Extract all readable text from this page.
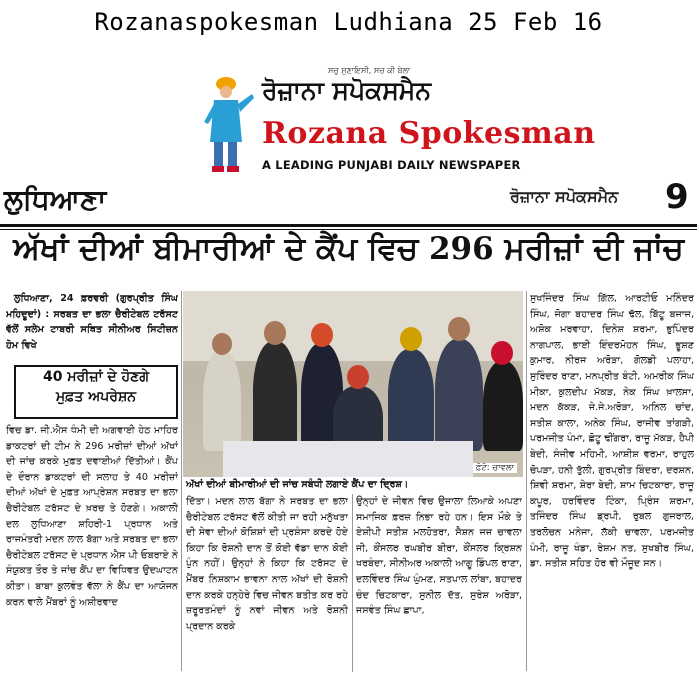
Rozanaspokesman Ludhiana 25 Feb 16
ਸਚੁ ਸੁਣਾਇਸੀ, ਸਚ ਕੀ ਬੇਲਾ
ਰੋਜ਼ਾਨਾ ਸਪੋਕਸਮੈਨ
Rozana Spokesman
A LEADING PUNJABI DAILY NEWSPAPER
ਲੁਧਿਆਣਾ	ਰੋਜ਼ਾਨਾ ਸਪੋਕਸਮੈਨ 9
ਅੱਖਾਂ ਦੀਆਂ ਬੀਮਾਰੀਆਂ ਦੇ ਕੈਂਪ ਵਿਚ 296 ਮਰੀਜ਼ਾਂ ਦੀ ਜਾਂਚ

ਲੁਧਿਆਣਾ, 24 ਫ਼ਰਵਰੀ (ਗੁਰਪ੍ਰੀਤ ਸਿੰਘ ਮਹਿਦੂਦਾਂ) : ਸਰਬਤ ਦਾ ਭਲਾ ਚੈਰੀਟੇਬਲ ਟਰੱਸਟ ਵੱਲੋਂ ਸਲੇਮ ਟਾਬਰੀ ਸਥਿਤ ਸੀਨੀਅਰ ਸਿਟੀਜ਼ਨ ਹੋਮ ਵਿਖੇ

ਵਿਚ ਡਾ. ਜੀ.ਐਸ ਧੰਮੀ ਦੀ ਅਗਵਾਈ ਹੇਠ ਮਾਹਿਰ ਡਾਕਟਰਾਂ ਦੀ ਟੀਮ ਨੇ 296 ਮਰੀਜ਼ਾਂ ਦੀਆਂ ਅੱਖਾਂ ਦੀ ਜਾਂਚ ਕਰਕੇ ਮੁਫ਼ਤ ਦਵਾਈਆਂ ਦਿੱਤੀਆਂ। ਕੈਂਪ ਦੇ ਦੌਰਾਨ ਡਾਕਟਰਾਂ ਦੀ ਸਲਾਹ ਤੇ 40 ਮਰੀਜ਼ਾਂ ਦੀਆਂ ਅੱਖਾਂ ਦੇ ਮੁਫ਼ਤ ਆਪ੍ਰੇਸ਼ਨ ਸਰਬਤ ਦਾ ਭਲਾ ਚੈਰੀਟੇਬਲ ਟਰੱਸਟ ਦੇ ਖ਼ਰਚ ਤੇ ਹੋਣਗੇ। ਅਕਾਲੀ ਦਲ ਲੁਧਿਆਣਾ ਸ਼ਹਿਰੀ-1 ਪ੍ਰਧਾਨ ਅਤੇ ਰਾਜਮੰਤਰੀ ਮਦਨ ਲਾਲ ਬੱਗਾ ਅਤੇ ਸਰਬਤ ਦਾ ਭਲਾ ਚੈਰੀਟੇਬਲ ਟਰੱਸਟ ਦੇ ਪ੍ਰਧਾਨ ਐਸ ਪੀ ਓਬਰਾਏ ਨੇ ਸੰਯੁਕਤ ਤੌਰ ਤੇ ਜਾਂਚ ਕੈਂਪ ਦਾ ਵਿਧਿਵਤ ਉਦਘਾਟਨ ਕੀਤਾ। ਬਾਬਾ ਕੁਲਵੰਤ ਵੱਲਾ ਨੇ ਕੈਂਪ ਦਾ ਆਯੋਜਨ ਕਰਨ ਵਾਲੇ ਮੈਂਬਰਾਂ ਨੂੰ ਅਸ਼ੀਰਵਾਦ

40 ਮਰੀਜ਼ਾਂ ਦੇ ਹੋਣਗੇ
ਮੁਫ਼ਤ ਅਪਰੇਸ਼ਨ
ਫ਼ੋਟੋ: ਚਾਵਲਾ
ਅੱਖਾਂ ਦੀਆਂ ਬੀਮਾਰੀਆਂ ਦੀ ਜਾਂਚ ਸਬੰਧੀ ਲਗਾਏ ਕੈਂਪ ਦਾ ਦ੍ਰਿਸ਼।

ਦਿੱਤਾ। ਮਦਨ ਲਾਲ ਬੱਗਾ ਨੇ ਸਰਬਤ ਦਾ ਭਲਾ ਚੈਰੀਟੇਬਲ ਟਰੱਸਟ ਵੱਲੋਂ ਕੀਤੀ ਜਾ ਰਹੀ ਮਨੁੱਖਤਾ ਦੀ ਸੇਵਾ ਦੀਆਂ ਕੋਸ਼ਿਸ਼ਾਂ ਦੀ ਪ੍ਰਸ਼ੰਸਾ ਕਰਦੇ ਹੋਏ ਕਿਹਾ ਕਿ ਰੋਸ਼ਨੀ ਦਾਨ ਤੋਂ ਕੋਈ ਵੱਡਾ ਦਾਨ ਕੋਈ ਪੁੰਨ ਨਹੀਂ। ਉਨ੍ਹਾਂ ਨੇ ਕਿਹਾ ਕਿ ਟਰੱਸਟ ਦੇ ਮੈਂਬਰ ਨਿਸ਼ਕਾਮ ਭਾਵਨਾ ਨਾਲ ਅੱਖਾਂ ਦੀ ਰੋਸ਼ਨੀ ਦਾਨ ਕਰਕੇ ਹਨ੍ਹੇਰੇ ਵਿਚ ਜੀਵਨ ਬਤੀਤ ਕਰ ਰਹੇ ਜ਼ਰੂਰਤਮੰਦਾਂ ਨੂੰ ਨਵਾਂ ਜੀਵਨ ਅਤੇ ਰੋਸ਼ਨੀ ਪ੍ਰਦਾਨ ਕਰਕੇ

ਉਨ੍ਹਾਂ ਦੇ ਜੀਵਨ ਵਿਚ ਉਜਾਲਾ ਲਿਆਕੇ ਅਪਣਾ ਸਮਾਜਿਕ ਫ਼ਰਜ਼ ਨਿਭਾ ਰਹੇ ਹਨ। ਇਸ ਮੌਕੇ ਤੇ ਏਸ਼ੀਪੀ ਸਤੀਸ਼ ਮਲਹੋਤਰਾ, ਸੈਸ਼ਨ ਜਜ ਚਾਵਲਾ ਜੀ, ਕੌਂਸਲਰ ਰਘਬੀਰ ਬੀਰਾ, ਕੌਂਸਲਰ ਕ੍ਰਿਸ਼ਨ ਖਰਬੰਦਾ, ਸੀਨੀਅਰ ਅਕਾਲੀ ਆਗੂ ਡਿੰਪਲ ਰਾਣਾ, ਦਲਵਿੰਦਰ ਸਿੰਘ ਘੁੰਮਣ, ਸਤਪਾਲ ਲਾਂਬਾ, ਬਹਾਦਰ ਚੰਦ ਚਿਟਕਾਰਾ, ਸੁਨੀਲ ਦੱਤ, ਸੁਰੇਸ਼ ਅਰੋੜਾ, ਜਸਵੰਤ ਸਿੰਘ ਛਾਪਾ,

ਸੁਖਜਿੰਦਰ ਸਿੰਘ ਗਿੱਲ, ਆਰਟੀਓ ਮਨਿੰਦਰ ਸਿੰਘ, ਜੋਗਾ ਬਹਾਦਰ ਸਿੰਘ ਢੱਲ, ਬਿੱਟੂ ਬਜਾਜ, ਅਸ਼ੋਕ ਮਰਵਾਹਾ, ਦਿਨੇਸ਼ ਸ਼ਰਮਾ, ਭੁਪਿੰਦਰ ਨਾਗਪਾਲ, ਭਾਈ ਇੰਦਰਮੋਹਨ ਸਿੰਘ, ਭੂਸ਼ਣ ਕੁਮਾਰ, ਨੀਰਜ ਅਰੋੜਾ, ਗੋਲਡੀ ਪਲਾਹਾ, ਸੁਰਿੰਦਰ ਰਾਣਾ, ਮਨਪ੍ਰੀਤ ਬੰਟੀ, ਅਮਰੀਕ ਸਿੰਘ ਮੀਕਾ, ਕੁਲਦੀਪ ਮੱਕੜ, ਨੇਕ ਸਿੰਘ ਖ਼ਾਲਸਾ, ਮਦਨ ਕੱਕੜ, ਜੇ.ਜੇ.ਅਰੋੜਾ, ਅਨਿਲ ਚਾਂਦ, ਸਤੀਸ਼ ਕਾਲਾ, ਅਨੇਕ ਸਿੰਘ, ਰਾਜੀਵ ਤਾਂਗੜੀ, ਪਰਮਜੀਤ ਪੰਮਾ, ਛੋਟੂ ਢੀਂਗਰਾ, ਰਾਜੂ ਮੱਕੜ, ਹੈਪੀ ਬੇਦੀ, ਸੰਜੀਵ ਮਹਿਮੀ, ਆਸ਼ੀਸ਼ ਵਰਮਾ, ਰਾਹੁਲ ਚੋਪੜਾ, ਹਨੀ ਤੁੱਲੀ, ਗੁਰਪ੍ਰੀਤ ਬਿੰਦਰਾ, ਦਰਸ਼ਨ, ਸ਼ਿਵੀ ਸ਼ਰਮਾ, ਸ਼ੇਰਾ ਬੇਦੀ, ਸ਼ਾਮ ਚਿਟਕਾਰਾ, ਰਾਜੂ ਕਪੂਰ, ਹਰਵਿੰਦਰ ਟਿੰਕਾ, ਪ੍ਰਿੰਸ ਸ਼ਰਮਾ, ਤਜਿੰਦਰ ਸਿੰਘ ਡ੍ਰਪੀ, ਰੁਬਲ ਗੁਜਰਾਲ, ਤਰਲੋਚਨ ਮਨੇਜਾ, ਲੱਕੀ ਚਾਵਲਾ, ਪਰਮਜੀਤ ਪੰਮੀ, ਰਾਜੂ ਖੰਡਾ, ਰੇਸ਼ਮ ਨਤ, ਸੁਖਬੀਰ ਸਿੰਘ, ਡਾ. ਸਤੀਸ਼ ਸਹਿਤ ਹੋਰ ਵੀ ਮੌਜੂਦ ਸਨ।
